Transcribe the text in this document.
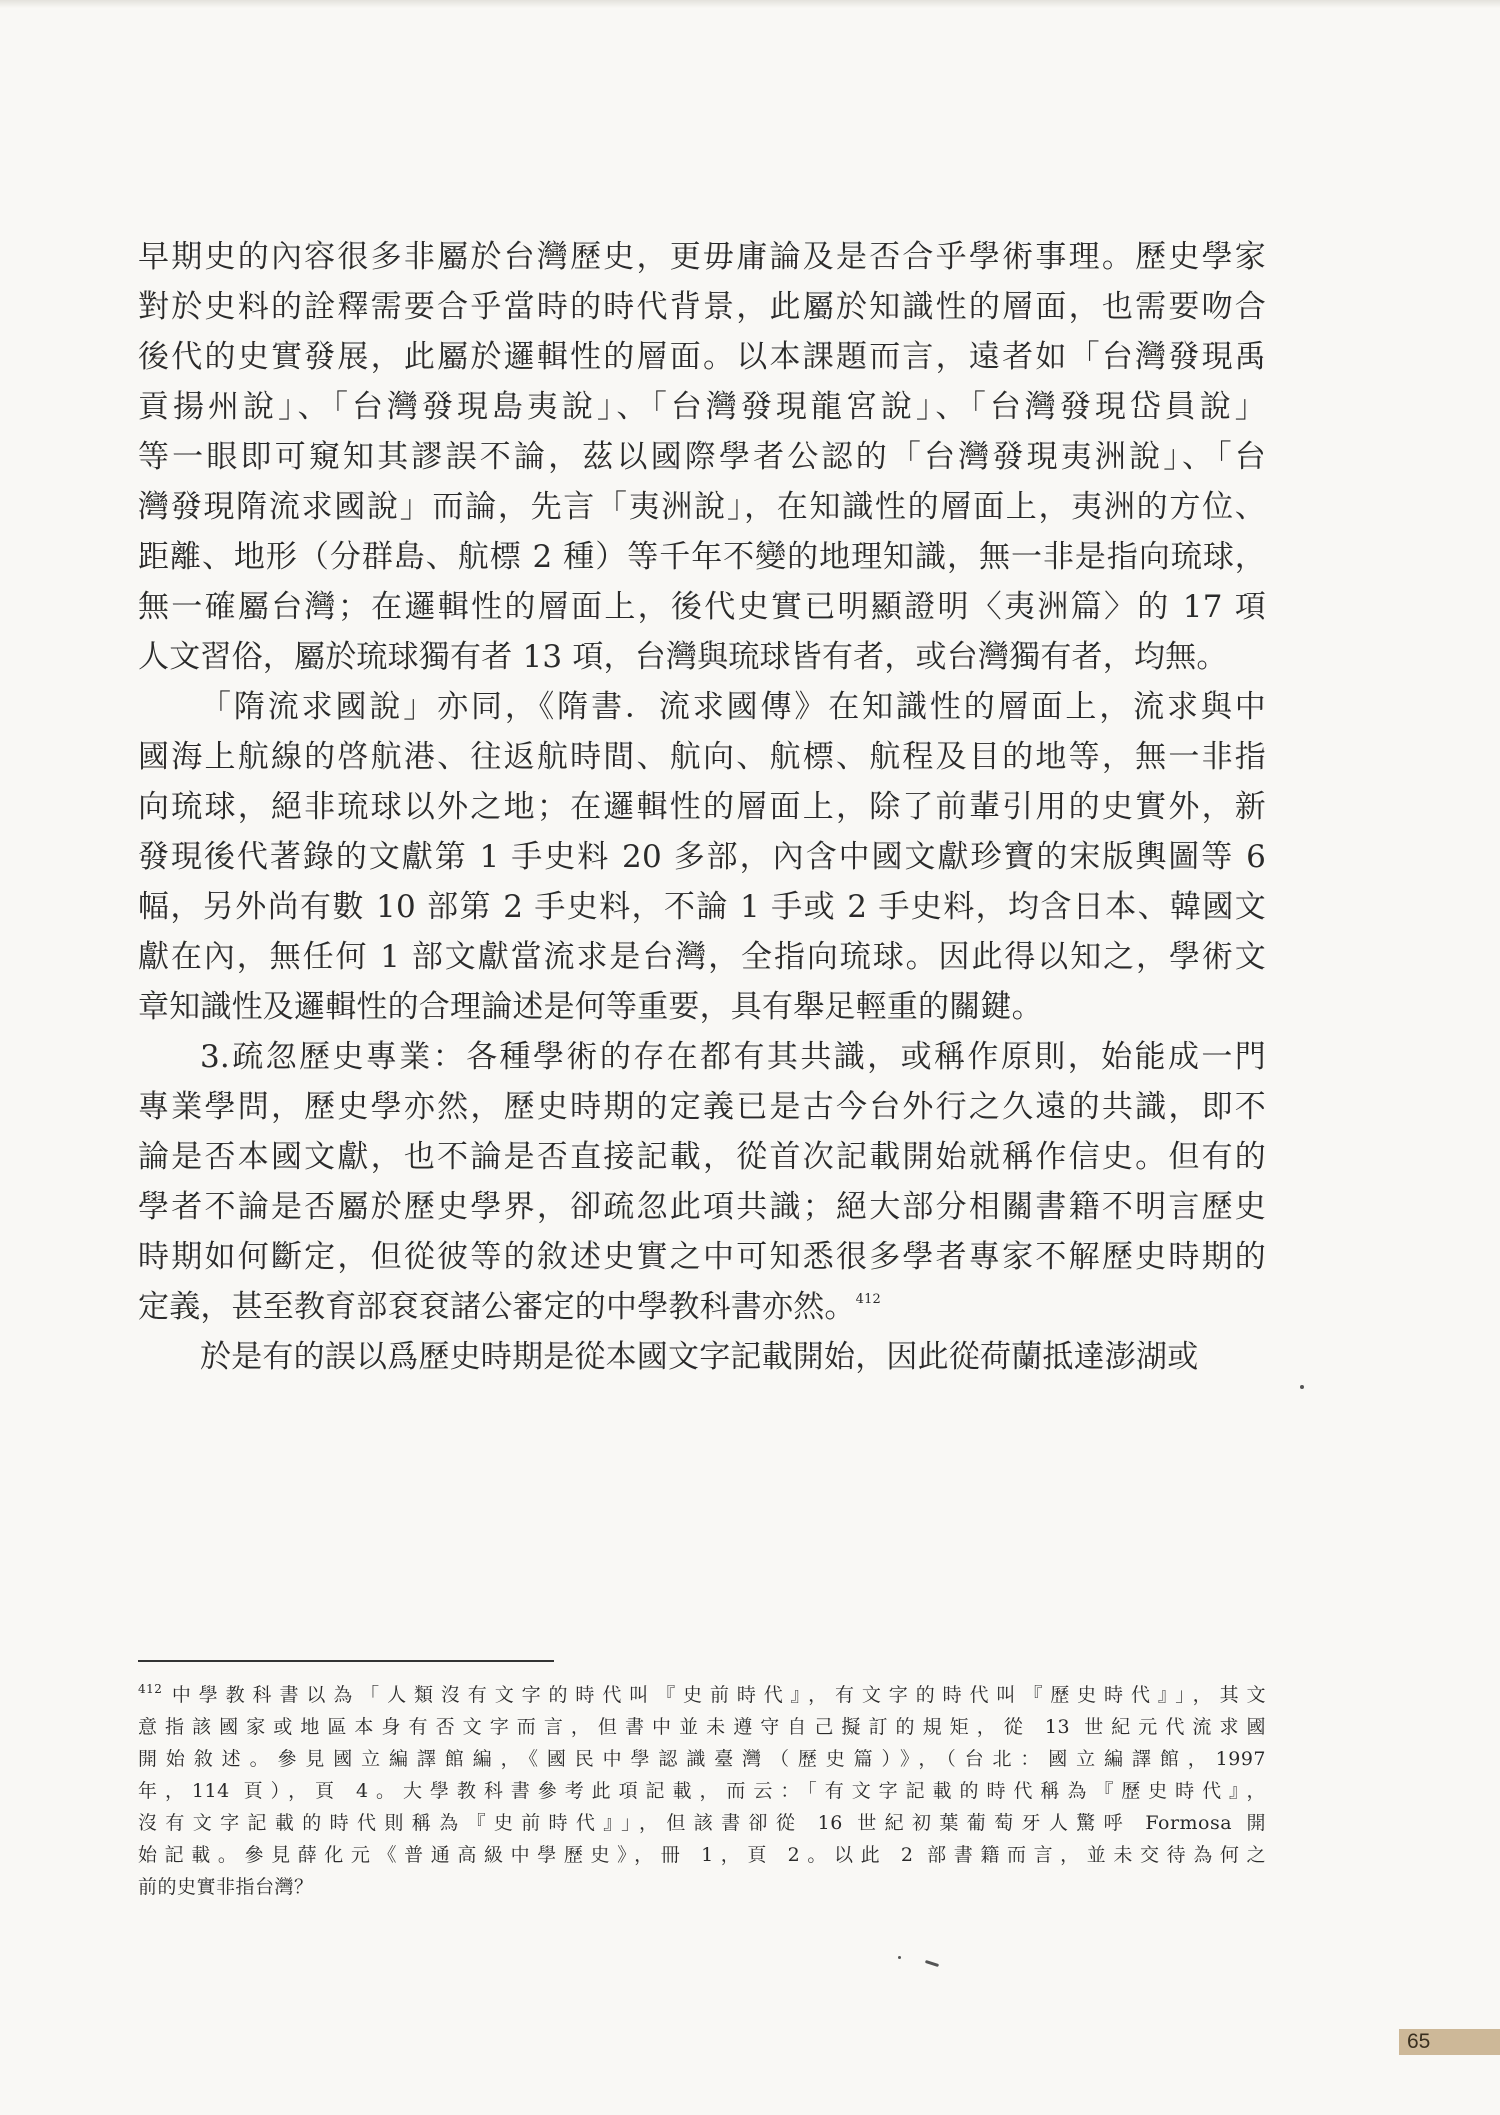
早期史的內容很多非屬於台灣歷史，更毋庸論及是否合乎學術事理。歷史學家
對於史料的詮釋需要合乎當時的時代背景，此屬於知識性的層面，也需要吻合
後代的史實發展，此屬於邏輯性的層面。以本課題而言，遠者如「台灣發現禹
貢揚州說」、「台灣發現島夷說」、「台灣發現龍宮說」、「台灣發現岱員說」
等一眼即可窺知其謬誤不論，茲以國際學者公認的「台灣發現夷洲說」、「台
灣發現隋流求國說」而論，先言「夷洲說」，在知識性的層面上，夷洲的方位、
距離、地形（分群島、航標 2 種）等千年不變的地理知識，無一非是指向琉球，
無一確屬台灣；在邏輯性的層面上，後代史實已明顯證明〈夷洲篇〉的 17 項
人文習俗，屬於琉球獨有者 13 項，台灣與琉球皆有者，或台灣獨有者，均無。
「隋流求國說」亦同，《隋書．流求國傳》在知識性的層面上，流求與中
國海上航線的啓航港、往返航時間、航向、航標、航程及目的地等，無一非指
向琉球，絕非琉球以外之地；在邏輯性的層面上，除了前輩引用的史實外，新
發現後代著錄的文獻第 1 手史料 20 多部，內含中國文獻珍寶的宋版輿圖等 6
幅，另外尚有數 10 部第 2 手史料，不論 1 手或 2 手史料，均含日本、韓國文
獻在內，無任何 1 部文獻當流求是台灣，全指向琉球。因此得以知之，學術文
章知識性及邏輯性的合理論述是何等重要，具有舉足輕重的關鍵。
3.疏忽歷史專業：各種學術的存在都有其共識，或稱作原則，始能成一門
專業學問，歷史學亦然，歷史時期的定義已是古今台外行之久遠的共識，即不
論是否本國文獻，也不論是否直接記載，從首次記載開始就稱作信史。但有的
學者不論是否屬於歷史學界，卻疏忽此項共識；絕大部分相關書籍不明言歷史
時期如何斷定，但從彼等的敘述史實之中可知悉很多學者專家不解歷史時期的
定義，甚至教育部袞袞諸公審定的中學教科書亦然。$^{412}$
於是有的誤以爲歷史時期是從本國文字記載開始，因此從荷蘭抵達澎湖或
$^{412}$ 中學教科書以為「人類沒有文字的時代叫『史前時代』，有文字的時代叫『歷史時代』」，其文
意指該國家或地區本身有否文字而言，但書中並未遵守自己擬訂的規矩，從 13 世紀元代流求國
開始敘述。參見國立編譯館編，《國民中學認識臺灣（歷史篇）》，（台北：國立編譯館，1997
年，114 頁），頁 4。大學教科書參考此項記載，而云：「有文字記載的時代稱為『歷史時代』，
沒有文字記載的時代則稱為『史前時代』」，但該書卻從 16 世紀初葉葡萄牙人驚呼 Formosa 開
始記載。參見薛化元《普通高級中學歷史》，冊 1，頁 2。以此 2 部書籍而言，並未交待為何之
前的史實非指台灣？
65
